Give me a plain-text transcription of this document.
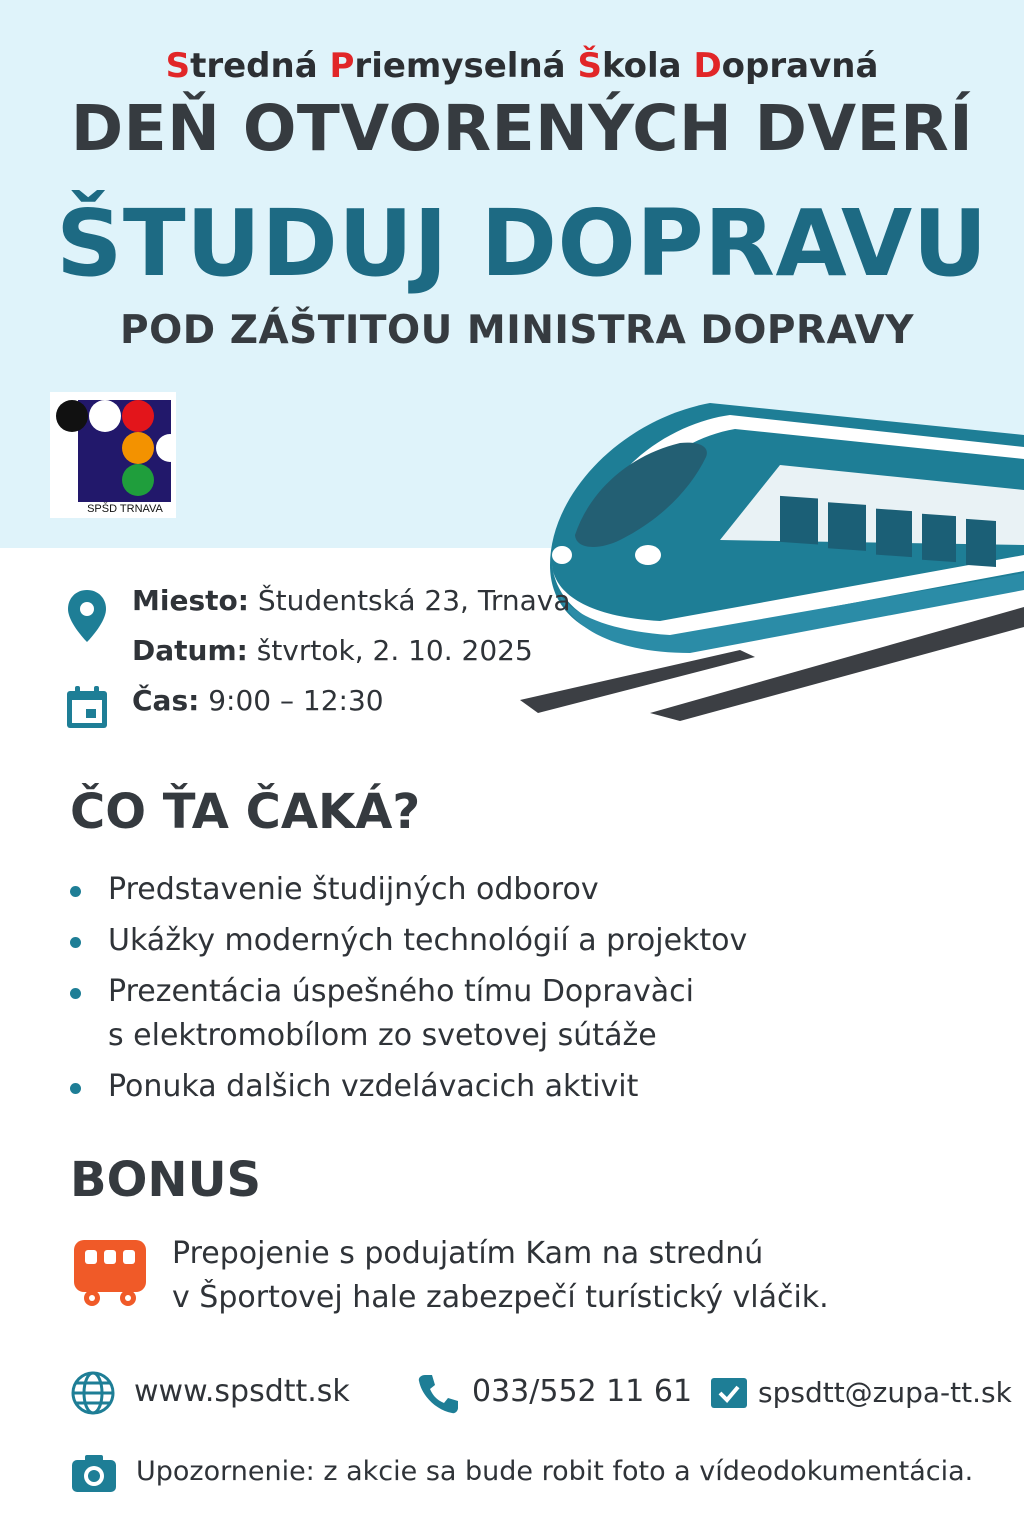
Stredná Priemyselná Škola Dopravná
DEŇ OTVORENÝCH DVERÍ
ŠTUDUJ DOPRAVU
POD ZÁŠTITOU MINISTRA DOPRAVY
SPŠD TRNAVA
Miesto: Študentská 23, Trnava
Datum: štvrtok, 2. 10. 2025
Čas: 9:00 – 12:30
ČO ŤA ČAKÁ?
Predstavenie študijných odborov
Ukážky moderných technológií a projektov
Prezentácia úspešného tímu Dopravàci
s elektromobílom zo svetovej sútáže
Ponuka dalšich vzdelávacich aktivit
BONUS
Prepojenie s podujatím Kam na strednú
v Športovej hale zabezpečí turístický vláčik.
www.spsdtt.sk	033/552 11 61 spsdtt@zupa-tt.sk
Upozornenie: z akcie sa bude robit foto a vídeodokumentácia.
